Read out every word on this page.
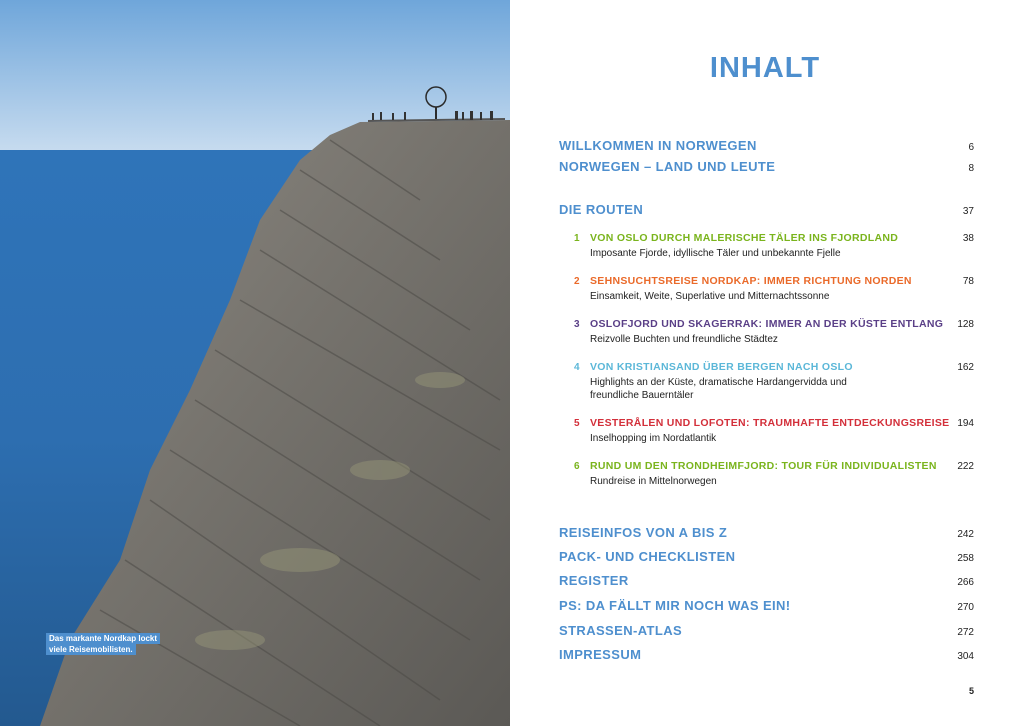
Das markante Nordkap lockt
viele Reisemobilisten.
INHALT
WILLKOMMEN IN NORWEGEN	6
NORWEGEN – LAND UND LEUTE	8
DIE ROUTEN	37
1 VON OSLO DURCH MALERISCHE TÄLER INS FJORDLAND	38
Imposante Fjorde, idyllische Täler und unbekannte Fjelle
2 SEHNSUCHTSREISE NORDKAP: IMMER RICHTUNG NORDEN	78
Einsamkeit, Weite, Superlative und Mitternachtssonne
3 OSLOFJORD UND SKAGERRAK: IMMER AN DER KÜSTE ENTLANG	128
Reizvolle Buchten und freundliche Städtez
4 VON KRISTIANSAND ÜBER BERGEN NACH OSLO	162
Highlights an der Küste, dramatische Hardangervidda und freundliche Bauerntäler
5 VESTERÅLEN UND LOFOTEN: TRAUMHAFTE ENTDECKUNGSREISE 194
Inselhopping im Nordatlantik
6 RUND UM DEN TRONDHEIMFJORD: TOUR FÜR INDIVIDUALISTEN	222
Rundreise in Mittelnorwegen
REISEINFOS VON A BIS Z	242
PACK- UND CHECKLISTEN	258
REGISTER	266
PS: DA FÄLLT MIR NOCH WAS EIN!	270
STRASSEN-ATLAS	272
IMPRESSUM	304
5
